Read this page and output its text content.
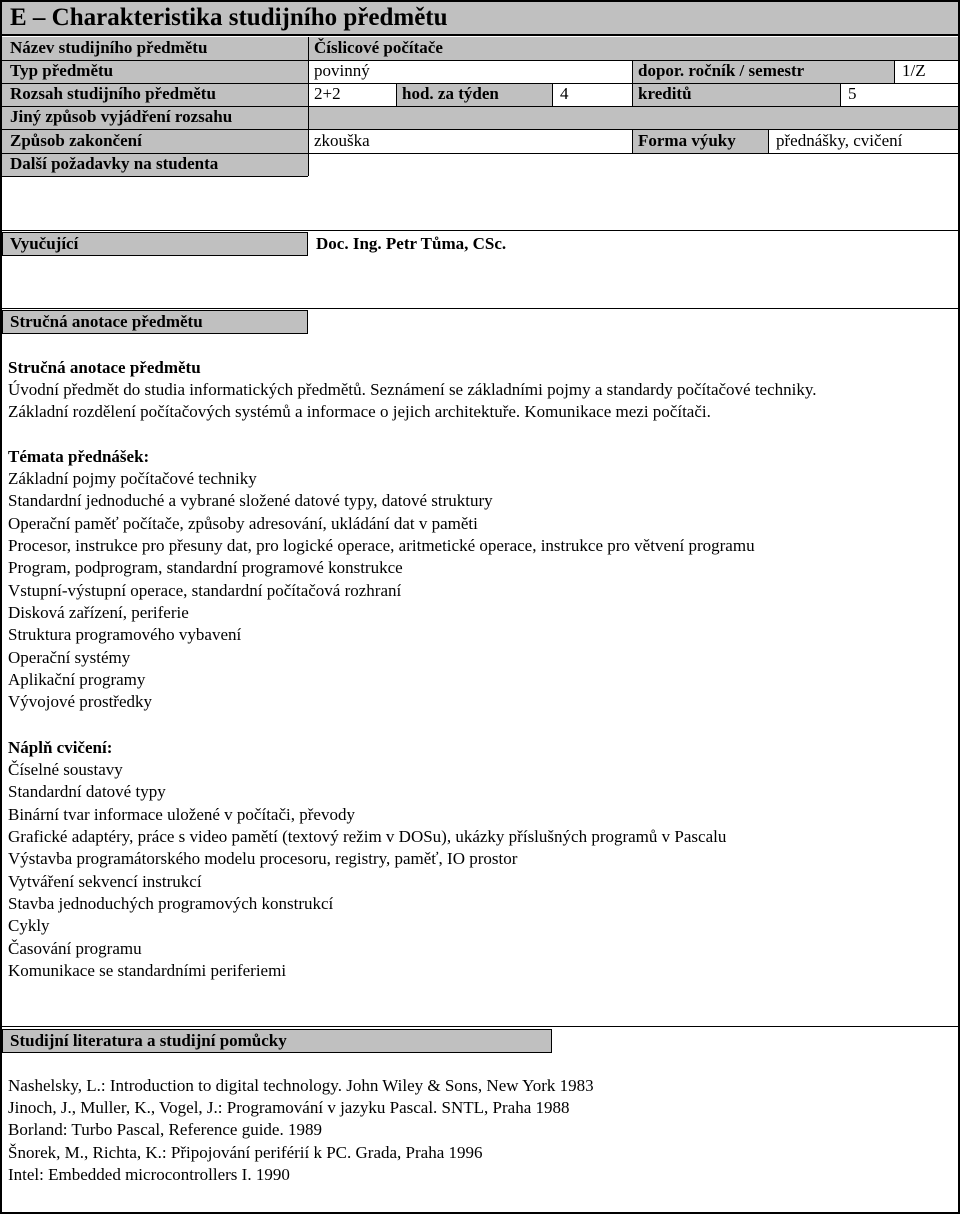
E – Charakteristika studijního předmětu
Název studijního předmětu	Číslicové počítače
Typ předmětu	povinný	dopor. ročník / semestr	1/Z
Rozsah studijního předmětu	2+2	hod. za týden	4	kreditů	5
Jiný způsob vyjádření rozsahu
Způsob zakončení	zkouška	Forma výuky	přednášky, cvičení
Další požadavky na studenta
Vyučující	Doc. Ing. Petr Tůma, CSc.
Stručná anotace předmětu
Stručná anotace předmětu
Úvodní předmět do studia informatických předmětů. Seznámení se základními pojmy a standardy počítačové techniky.
Základní rozdělení počítačových systémů a informace o jejich architektuře. Komunikace mezi počítači.
Témata přednášek:
Základní pojmy počítačové techniky
Standardní jednoduché a vybrané složené datové typy, datové struktury
Operační paměť počítače, způsoby adresování, ukládání dat v paměti
Procesor, instrukce pro přesuny dat, pro logické operace, aritmetické operace, instrukce pro větvení programu
Program, podprogram, standardní programové konstrukce
Vstupní-výstupní operace, standardní počítačová rozhraní
Disková zařízení, periferie
Struktura programového vybavení
Operační systémy
Aplikační programy
Vývojové prostředky
Náplň cvičení:
Číselné soustavy
Standardní datové typy
Binární tvar informace uložené v počítači, převody
Grafické adaptéry, práce s video pamětí (textový režim v DOSu), ukázky příslušných programů v Pascalu
Výstavba programátorského modelu procesoru, registry, paměť, IO prostor
Vytváření sekvencí instrukcí
Stavba jednoduchých programových konstrukcí
Cykly
Časování programu
Komunikace se standardními periferiemi
Studijní literatura a studijní pomůcky
Nashelsky, L.: Introduction to digital technology. John Wiley & Sons, New York 1983
Jinoch, J., Muller, K., Vogel, J.: Programování v jazyku Pascal. SNTL, Praha 1988
Borland: Turbo Pascal, Reference guide. 1989
Šnorek, M., Richta, K.: Připojování periférií k PC. Grada, Praha 1996
Intel: Embedded microcontrollers I. 1990
